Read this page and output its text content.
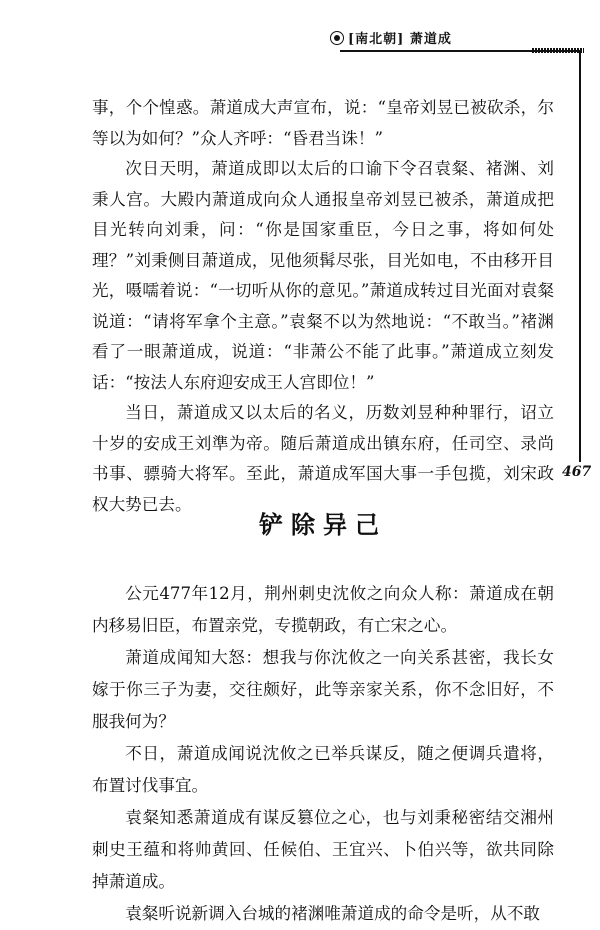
[南北朝] 萧道成
467

事，个个惶惑。萧道成大声宣布，说：“皇帝刘昱已被砍杀，尔等以为如何？”众人齐呼：“昏君当诛！”

次日天明，萧道成即以太后的口谕下令召袁粲、褚渊、刘秉人宫。大殿内萧道成向众人通报皇帝刘昱已被杀，萧道成把目光转向刘秉，问：“你是国家重臣，今日之事，将如何处理？”刘秉侧目萧道成，见他须髯尽张，目光如电，不由移开目光，嗫嚅着说：“一切听从你的意见。”萧道成转过目光面对袁粲说道：“请将军拿个主意。”袁粲不以为然地说：“不敢当。”褚渊看了一眼萧道成，说道：“非萧公不能了此事。”萧道成立刻发话：“按法人东府迎安成王人宫即位！”

当日，萧道成又以太后的名义，历数刘昱种种罪行，诏立十岁的安成王刘準为帝。随后萧道成出镇东府，任司空、录尚书事、骠骑大将军。至此，萧道成军国大事一手包揽，刘宋政权大势已去。

铲除异己

公元477年12月，荆州刺史沈攸之向众人称：萧道成在朝内移易旧臣，布置亲党，专揽朝政，有亡宋之心。

萧道成闻知大怒：想我与你沈攸之一向关系甚密，我长女嫁于你三子为妻，交往颇好，此等亲家关系，你不念旧好，不服我何为？

不日，萧道成闻说沈攸之已举兵谋反，随之便调兵遣将，布置讨伐事宜。

袁粲知悉萧道成有谋反篡位之心，也与刘秉秘密结交湘州刺史王蕴和将帅黄回、任候伯、王宜兴、卜伯兴等，欲共同除掉萧道成。

袁粲听说新调入台城的褚渊唯萧道成的命令是听，从不敢
